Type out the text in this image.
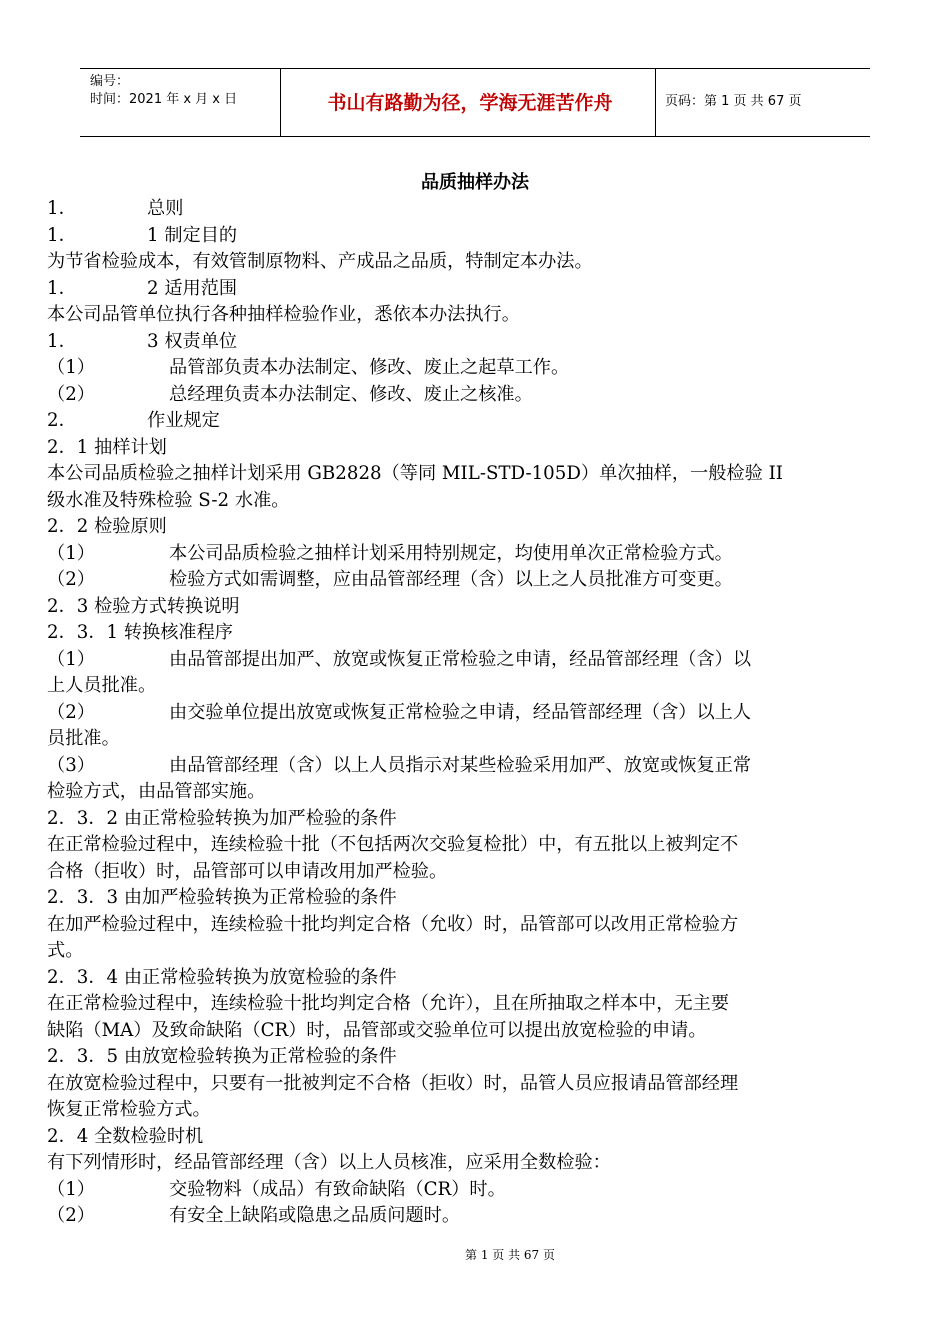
编号：
时间：2021 年 x 月 x 日	书山有路勤为径，学海无涯苦作舟	页码：第 1 页 共 67 页
品质抽样办法
1．	总则
1．	1 制定目的
为节省检验成本，有效管制原物料、产成品之品质，特制定本办法。
1．	2 适用范围
本公司品管单位执行各种抽样检验作业，悉依本办法执行。
1．	3 权责单位
（1）	品管部负责本办法制定、修改、废止之起草工作。
（2）	总经理负责本办法制定、修改、废止之核准。
2．	作业规定
2．1 抽样计划
本公司品质检验之抽样计划采用 GB2828（等同 MIL-STD-105D）单次抽样，一般检验 II
级水准及特殊检验 S-2 水准。
2．2 检验原则
（1）	本公司品质检验之抽样计划采用特别规定，均使用单次正常检验方式。
（2）	检验方式如需调整，应由品管部经理（含）以上之人员批准方可变更。
2．3 检验方式转换说明
2．3．1 转换核准程序
（1）	由品管部提出加严、放宽或恢复正常检验之申请，经品管部经理（含）以
上人员批准。
（2）	由交验单位提出放宽或恢复正常检验之申请，经品管部经理（含）以上人
员批准。
（3）	由品管部经理（含）以上人员指示对某些检验采用加严、放宽或恢复正常
检验方式，由品管部实施。
2．3．2 由正常检验转换为加严检验的条件
在正常检验过程中，连续检验十批（不包括两次交验复检批）中，有五批以上被判定不
合格（拒收）时，品管部可以申请改用加严检验。
2．3．3 由加严检验转换为正常检验的条件
在加严检验过程中，连续检验十批均判定合格（允收）时，品管部可以改用正常检验方
式。
2．3．4 由正常检验转换为放宽检验的条件
在正常检验过程中，连续检验十批均判定合格（允许），且在所抽取之样本中，无主要
缺陷（MA）及致命缺陷（CR）时，品管部或交验单位可以提出放宽检验的申请。
2．3．5 由放宽检验转换为正常检验的条件
在放宽检验过程中，只要有一批被判定不合格（拒收）时，品管人员应报请品管部经理
恢复正常检验方式。
2．4 全数检验时机
有下列情形时，经品管部经理（含）以上人员核准，应采用全数检验：
（1）	交验物料（成品）有致命缺陷（CR）时。
（2）	有安全上缺陷或隐患之品质问题时。
第 1 页 共 67 页
